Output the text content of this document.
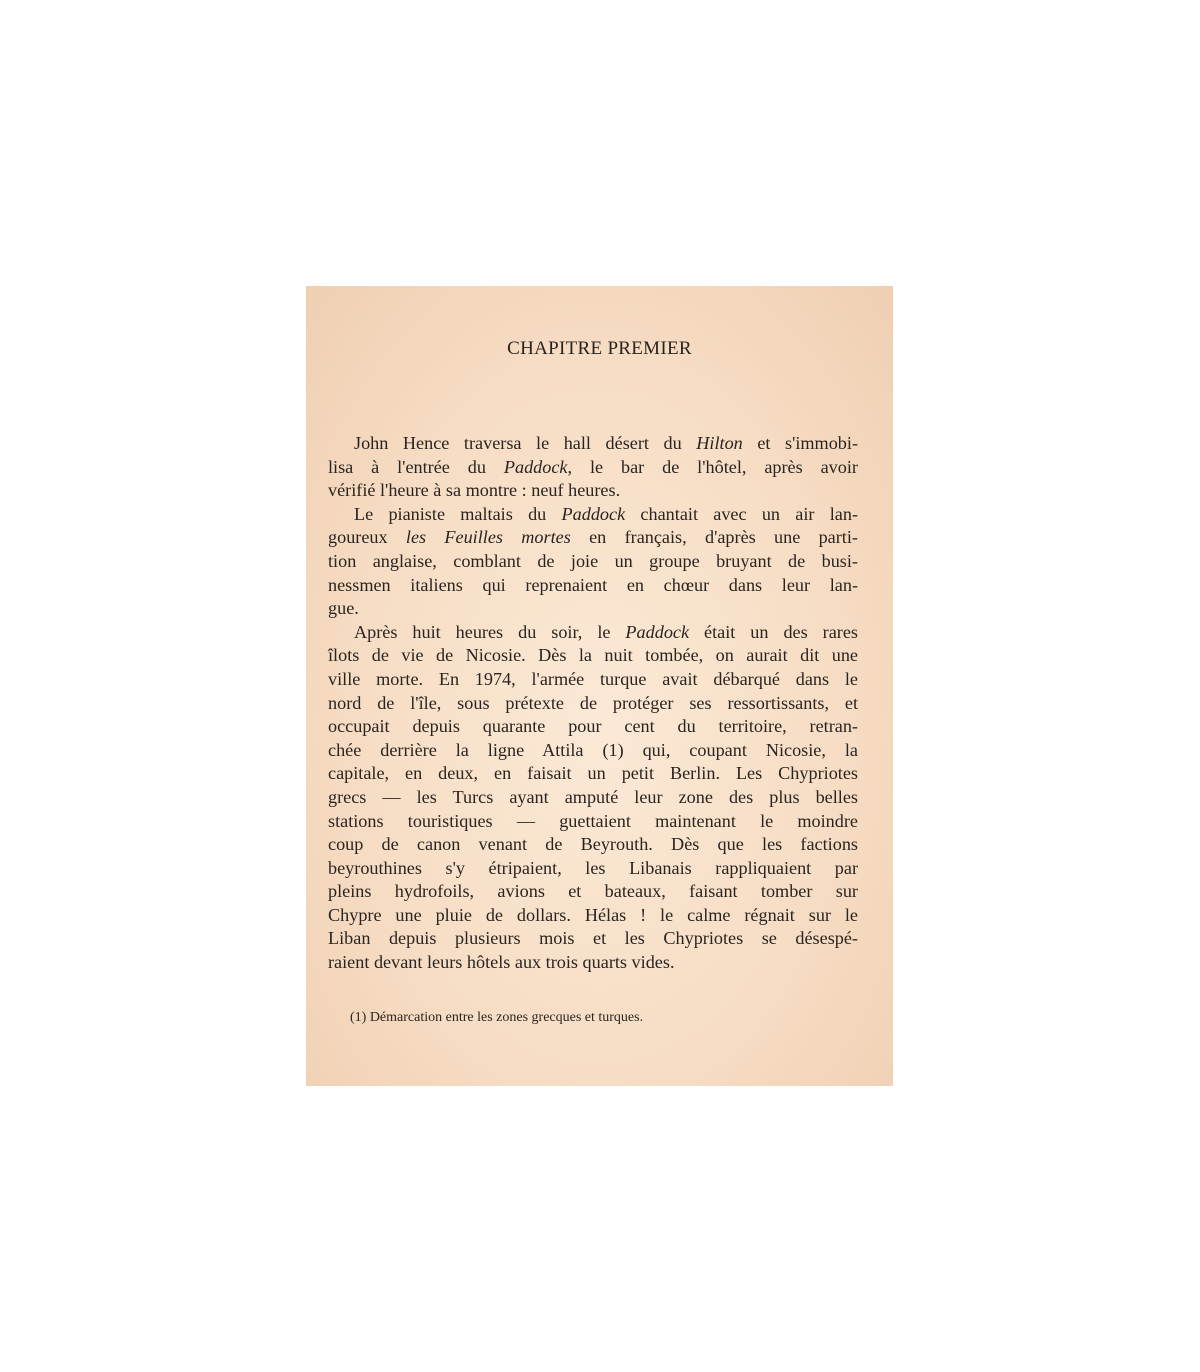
CHAPITRE PREMIER
John Hence traversa le hall désert du Hilton et s'immobi-
lisa à l'entrée du Paddock, le bar de l'hôtel, après avoir
vérifié l'heure à sa montre : neuf heures.
Le pianiste maltais du Paddock chantait avec un air lan-
goureux les Feuilles mortes en français, d'après une parti-
tion anglaise, comblant de joie un groupe bruyant de busi-
nessmen italiens qui reprenaient en chœur dans leur lan-
gue.
Après huit heures du soir, le Paddock était un des rares
îlots de vie de Nicosie. Dès la nuit tombée, on aurait dit une
ville morte. En 1974, l'armée turque avait débarqué dans le
nord de l'île, sous prétexte de protéger ses ressortissants, et
occupait depuis quarante pour cent du territoire, retran-
chée derrière la ligne Attila (1) qui, coupant Nicosie, la
capitale, en deux, en faisait un petit Berlin. Les Chypriotes
grecs — les Turcs ayant amputé leur zone des plus belles
stations touristiques — guettaient maintenant le moindre
coup de canon venant de Beyrouth. Dès que les factions
beyrouthines s'y étripaient, les Libanais rappliquaient par
pleins hydrofoils, avions et bateaux, faisant tomber sur
Chypre une pluie de dollars. Hélas ! le calme régnait sur le
Liban depuis plusieurs mois et les Chypriotes se désespé-
raient devant leurs hôtels aux trois quarts vides.
(1) Démarcation entre les zones grecques et turques.
